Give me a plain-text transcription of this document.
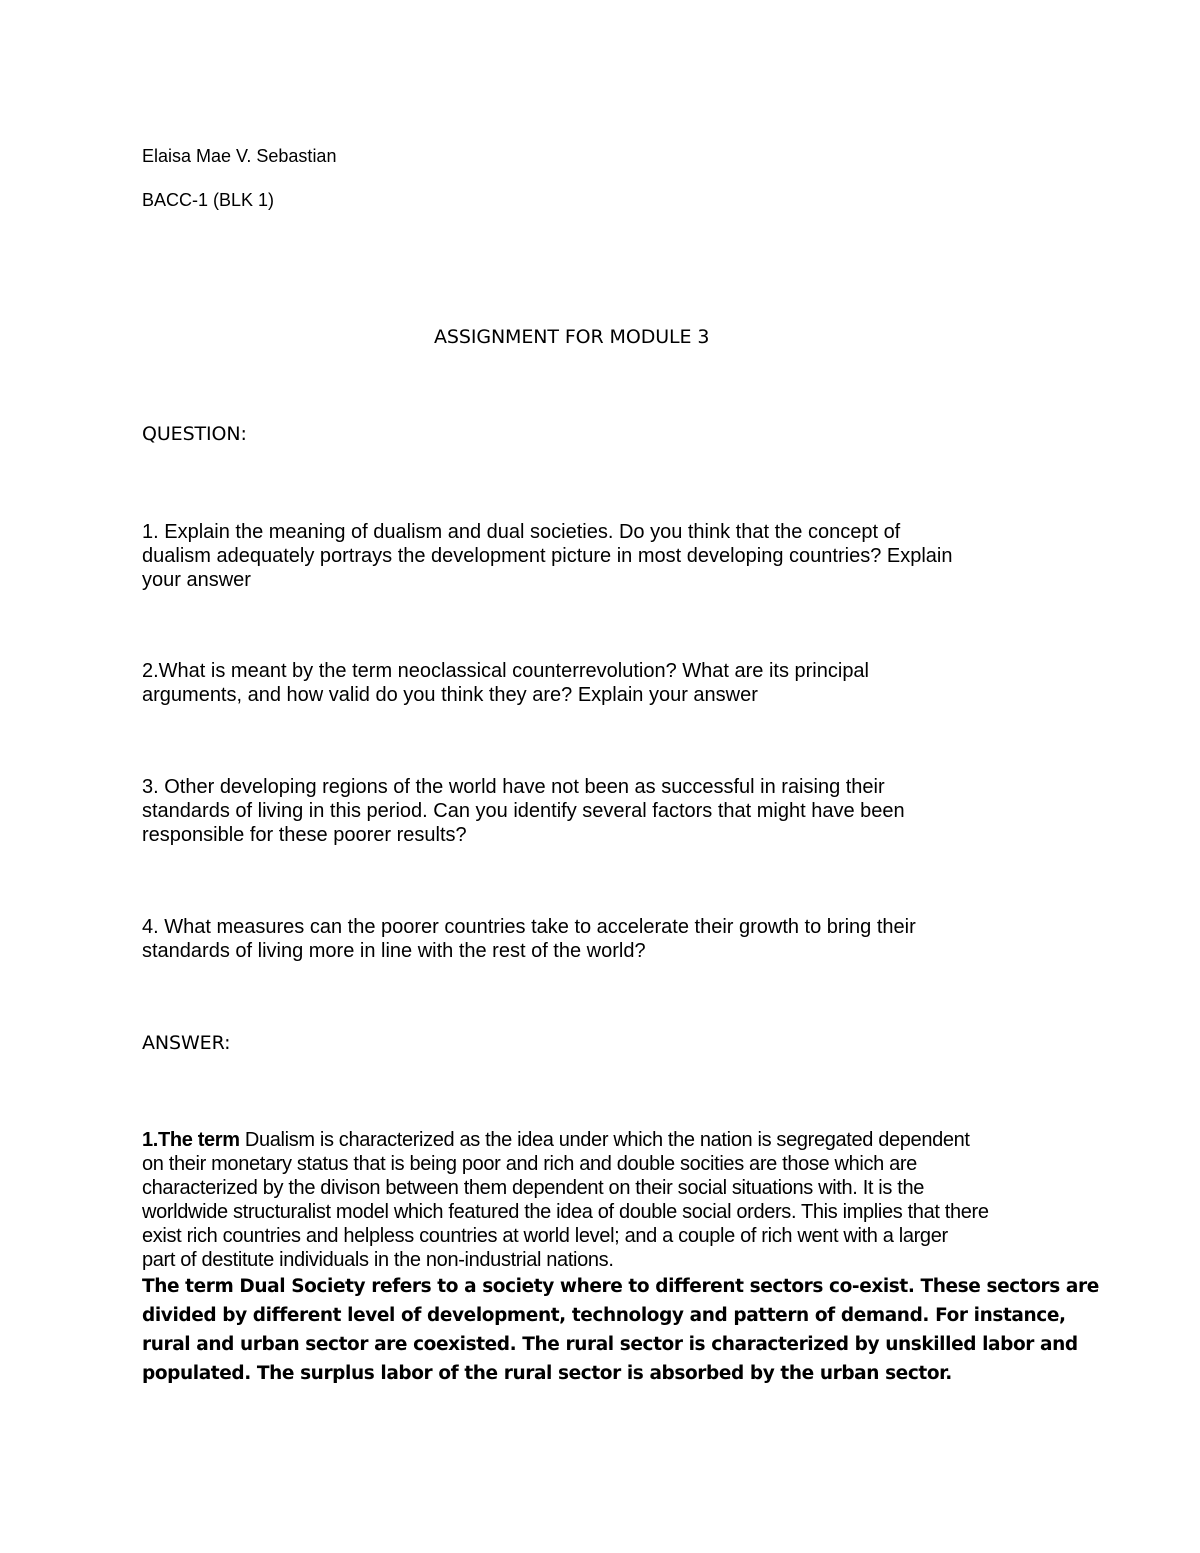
Elaisa Mae V. Sebastian

BACC-1 (BLK 1)

ASSIGNMENT FOR MODULE 3

QUESTION:

1. Explain the meaning of dualism and dual societies. Do you think that the concept of
dualism adequately portrays the development picture in most developing countries? Explain
your answer
2.What is meant by the term neoclassical counterrevolution? What are its principal
arguments, and how valid do you think they are? Explain your answer
3. Other developing regions of the world have not been as successful in raising their
standards of living in this period. Can you identify several factors that might have been
responsible for these poorer results?
4. What measures can the poorer countries take to accelerate their growth to bring their
standards of living more in line with the rest of the world?

ANSWER:

1.The term Dualism is characterized as the idea under which the nation is segregated dependent
on their monetary status that is being poor and rich and double socities are those which are
characterized by the divison between them dependent on their social situations with. It is the
worldwide structuralist model which featured the idea of double social orders. This implies that there
exist rich countries and helpless countries at world level; and a couple of rich went with a larger
part of destitute individuals in the non-industrial nations.
The term Dual Society refers to a society where to different sectors co-exist. These sectors are
divided by different level of development, technology and pattern of demand. For instance,
rural and urban sector are coexisted. The rural sector is characterized by unskilled labor and
populated. The surplus labor of the rural sector is absorbed by the urban sector.
